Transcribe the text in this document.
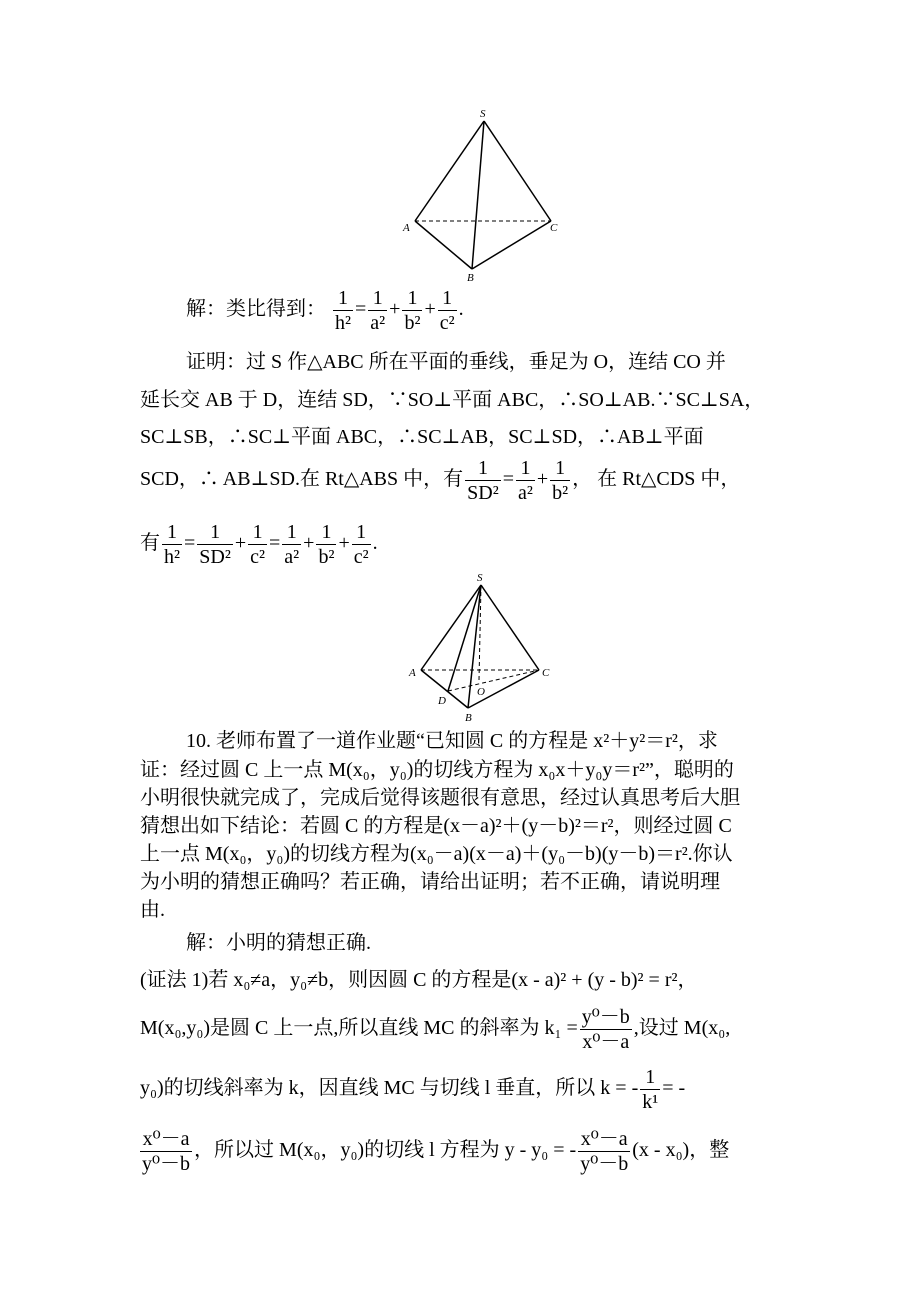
S
A	C
B
解：类比得到： $\frac{1}{\text{h²}} = \frac{1}{\text{a²}} + \frac{1}{\text{b²}} + \frac{1}{\text{c²}}$ .
证明：过 S 作△ABC 所在平面的垂线，垂足为 O，连结 CO 并
延长交 AB 于 D，连结 SD，∵SO⊥平面 ABC，∴SO⊥AB.∵SC⊥SA，
SC⊥SB，∴SC⊥平面 ABC，∴SC⊥AB，SC⊥SD，∴AB⊥平面
SCD，∴ AB⊥SD.在 Rt△ABS 中，有 $\frac{1}{\text{SD²}} = \frac{1}{\text{a²}} + \frac{1}{\text{b²}}$ ， 在 Rt△CDS 中，
有 $\frac{1}{\text{h²}} = \frac{1}{\text{SD²}} + \frac{1}{\text{c²}} = \frac{1}{\text{a²}} + \frac{1}{\text{b²}} + \frac{1}{\text{c²}}$ .
S
A	C
D
O
B
10. 老师布置了一道作业题“已知圆 C 的方程是 x²＋y²＝r²，求
证：经过圆 C 上一点 M(x₀，y₀)的切线方程为 x₀x＋y₀y＝r²”，聪明的
小明很快就完成了，完成后觉得该题很有意思，经过认真思考后大胆
猜想出如下结论：若圆 C 的方程是(x－a)²＋(y－b)²＝r²，则经过圆 C
上一点 M(x₀，y₀)的切线方程为(x₀－a)(x－a)＋(y₀－b)(y－b)＝r².你认
为小明的猜想正确吗？若正确，请给出证明；若不正确，请说明理
由.
解：小明的猜想正确.
(证法 1)若 x₀≠a，y₀≠b，则因圆 C 的方程是(x - a)² + (y - b)² = r²，
M(x₀,y₀)是圆 C 上一点,所以直线 MC 的斜率为 $k_1 = \frac{\text{y⁰－b}}{\text{x⁰－a}}$ ,设过 M(x₀,
y₀)的切线斜率为 k，因直线 MC 与切线 l 垂直，所以 k = - $\frac{1}{\text{k¹}}$ = -
$\frac{\text{x⁰－a}}{\text{y⁰－b}}$ ，所以过 M(x₀，y₀)的切线 l 方程为 y - y₀ = - $\frac{\text{x⁰－a}}{\text{y⁰－b}} (x - x_0)$，整
